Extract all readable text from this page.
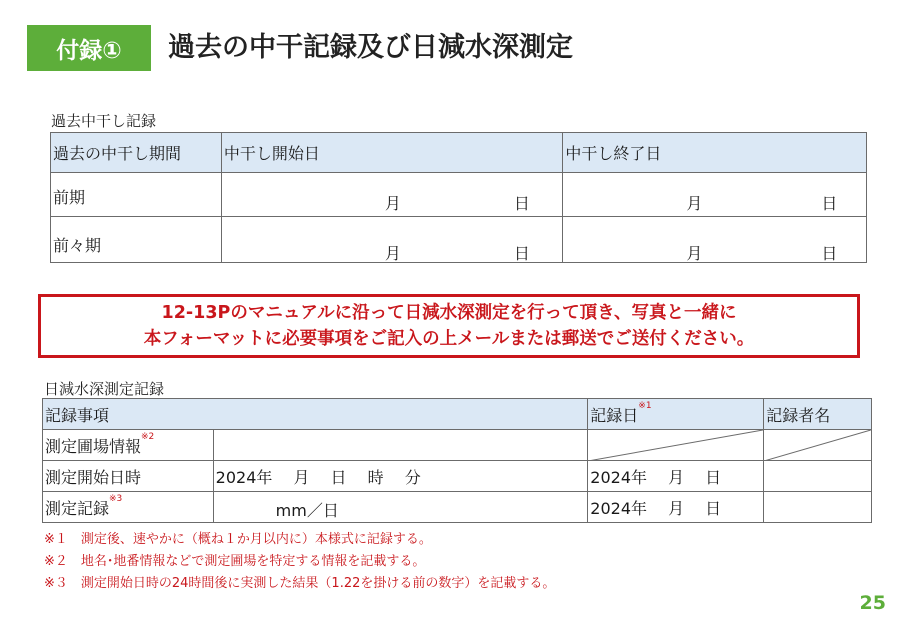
付録①	過去の中干記録及び日減水深測定
過去中干し記録
過去の中干し期間	中干し開始日	中干し終了日
前期	月 日	月 日

前々期	月 日	月 日
12-13Pのマニュアルに沿って日減水深測定を行って頂き、写真と一緒に
本フォーマットに必要事項をご記入の上メールまたは郵送でご送付ください。
日減水深測定記録
記録事項		記録日$^{※1}$	記録者名
測定圃場情報$^{※2}$		

測定開始日時	2024年　 月　 日　 時　 分	2024年　 月　 日	
測定記録$^{※3}$	mm／日	2024年　 月　 日	
※１　測定後、速やかに（概ね１か月以内に）本様式に記録する。
※２　地名･地番情報などで測定圃場を特定する情報を記載する。
※３　測定開始日時の24時間後に実測した結果（1.22を掛ける前の数字）を記載する。
25
